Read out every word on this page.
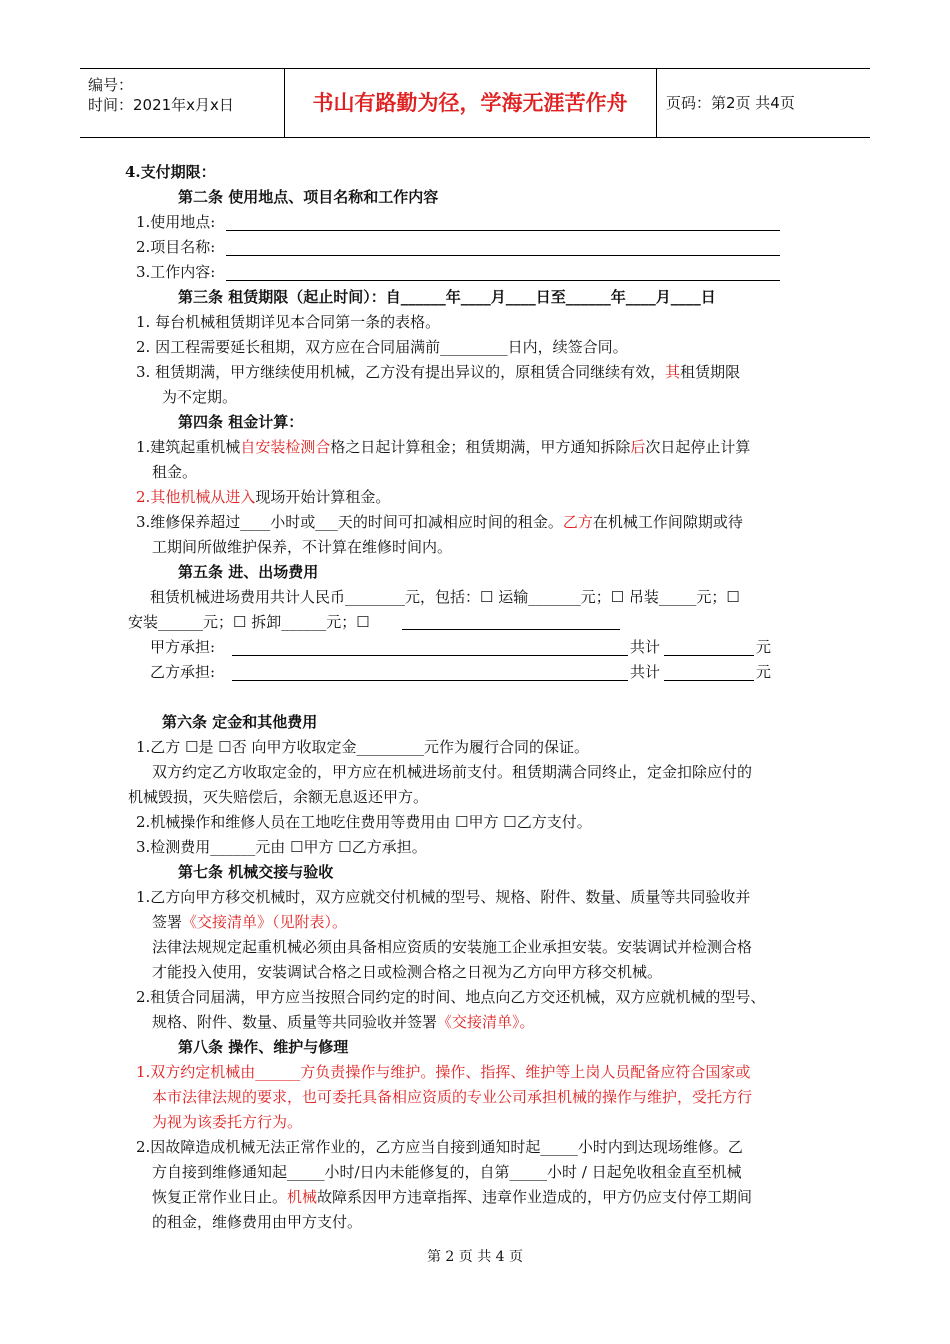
编号：
时间：2021年x月x日	书山有路勤为径，学海无涯苦作舟	页码：第2页 共4页
4.支付期限：
第二条 使用地点、项目名称和工作内容
1.使用地点:
2.项目名称:
3.工作内容:
第三条 租赁期限（起止时间）：自______年____月____日至______年____月____日
1. 每台机械租赁期详见本合同第一条的表格。
2. 因工程需要延长租期，双方应在合同届满前_________日内，续签合同。
3. 租赁期满，甲方继续使用机械，乙方没有提出异议的，原租赁合同继续有效，其租赁期限
为不定期。
第四条 租金计算：
1.建筑起重机械自安装检测合格之日起计算租金；租赁期满，甲方通知拆除后次日起停止计算
租金。
2.其他机械从进入现场开始计算租金。
3.维修保养超过____小时或___天的时间可扣减相应时间的租金。乙方在机械工作间隙期或待
工期间所做维护保养，不计算在维修时间内。
第五条 进、出场费用
租赁机械进场费用共计人民币________元，包括：☐ 运输_______元；☐ 吊装_____元；☐
安装______元；☐ 拆卸______元；☐
甲方承担:	共计	元
乙方承担:	共计	元
第六条 定金和其他费用
1.乙方 ☐是 ☐否 向甲方收取定金_________元作为履行合同的保证。
双方约定乙方收取定金的，甲方应在机械进场前支付。租赁期满合同终止，定金扣除应付的
机械毁损，灭失赔偿后，余额无息返还甲方。
2.机械操作和维修人员在工地吃住费用等费用由 ☐甲方 ☐乙方支付。
3.检测费用______元由 ☐甲方 ☐乙方承担。
第七条 机械交接与验收
1.乙方向甲方移交机械时，双方应就交付机械的型号、规格、附件、数量、质量等共同验收并
签署《交接清单》（见附表）。
法律法规规定起重机械必须由具备相应资质的安装施工企业承担安装。安装调试并检测合格
才能投入使用，安装调试合格之日或检测合格之日视为乙方向甲方移交机械。
2.租赁合同届满，甲方应当按照合同约定的时间、地点向乙方交还机械，双方应就机械的型号、
规格、附件、数量、质量等共同验收并签署《交接清单》。
第八条 操作、维护与修理
1.双方约定机械由______方负责操作与维护。操作、指挥、维护等上岗人员配备应符合国家或
本市法律法规的要求，也可委托具备相应资质的专业公司承担机械的操作与维护，受托方行
为视为该委托方行为。
2.因故障造成机械无法正常作业的，乙方应当自接到通知时起_____小时内到达现场维修。乙
方自接到维修通知起_____小时/日内未能修复的，自第_____小时 / 日起免收租金直至机械
恢复正常作业日止。机械故障系因甲方违章指挥、违章作业造成的，甲方仍应支付停工期间
的租金，维修费用由甲方支付。
第 2 页 共 4 页
